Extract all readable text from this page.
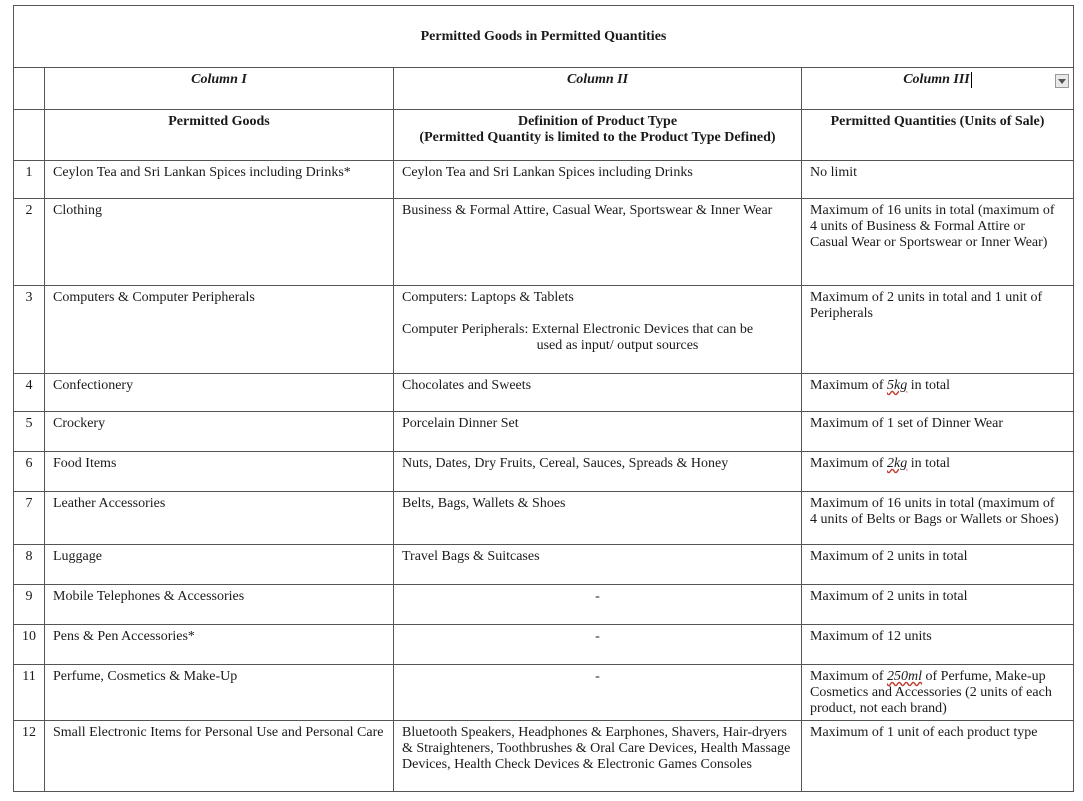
Permitted Goods in Permitted Quantities			
	Column I	Column II	Column III

	Permitted Goods	Definition of Product Type
(Permitted Quantity is limited to the Product Type Defined)	Permitted Quantities (Units of Sale)
1	Ceylon Tea and Sri Lankan Spices including Drinks*	Ceylon Tea and Sri Lankan Spices including Drinks	No limit
2	Clothing	Business & Formal Attire, Casual Wear, Sportswear & Inner Wear	Maximum of 16 units in total (maximum of 4 units of Business & Formal Attire or Casual Wear or Sportswear or Inner Wear)
3	Computers & Computer Peripherals	Computers: Laptops & Tablets
Computer Peripherals: External Electronic Devices that can be
used as input/ output sources	Maximum of 2 units in total and 1 unit of Peripherals
4	Confectionery	Chocolates and Sweets	Maximum of 5kg in total
5	Crockery	Porcelain Dinner Set	Maximum of 1 set of Dinner Wear
6	Food Items	Nuts, Dates, Dry Fruits, Cereal, Sauces, Spreads & Honey	Maximum of 2kg in total
7	Leather Accessories	Belts, Bags, Wallets & Shoes	Maximum of 16 units in total (maximum of 4 units of Belts or Bags or Wallets or Shoes)
8	Luggage	Travel Bags & Suitcases	Maximum of 2 units in total
9	Mobile Telephones & Accessories	-	Maximum of 2 units in total
10	Pens & Pen Accessories*	-	Maximum of 12 units
11	Perfume, Cosmetics & Make-Up	-	Maximum of 250ml of Perfume, Make-up Cosmetics and Accessories (2 units of each product, not each brand)
12	Small Electronic Items for Personal Use and Personal Care	Bluetooth Speakers, Headphones & Earphones, Shavers, Hair-dryers & Straighteners, Toothbrushes & Oral Care Devices, Health Massage Devices, Health Check Devices & Electronic Games Consoles	Maximum of 1 unit of each product type
